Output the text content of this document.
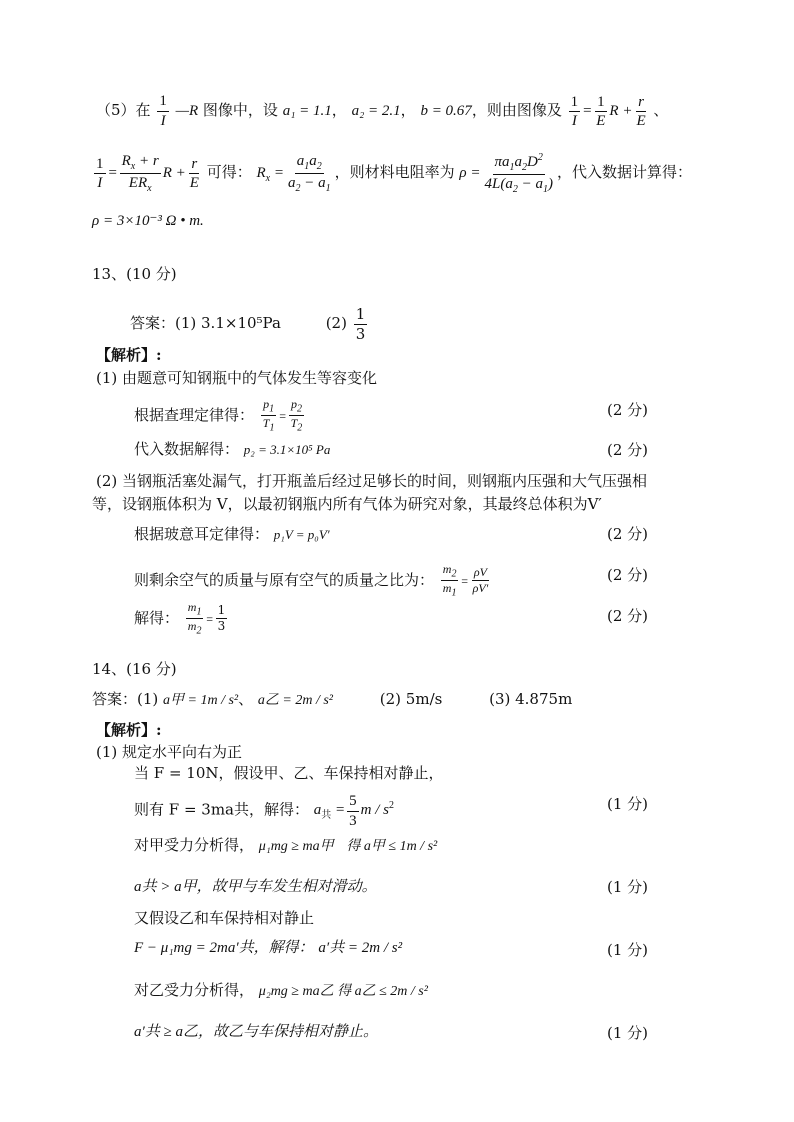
（5）在 $\frac{1}{I}$ —R 图像中，设 a₁ = 1.1， a₂ = 2.1， b = 0.67，则由图像及 $\frac{1}{I} = \frac{1}{E}$ $R + \frac{r}{E}$ 、
$\frac{1}{I} = \frac{R_x + r}{ER_x}$ $R + \frac{r}{E}$ 可得： $R_x = \frac{a_1a_2}{a_2 - a_1}$ ，则材料电阻率为 $\rho = \frac{\pi a_1a_2D^2}{4L(a_2 - a_1)}$ ，代入数据计算得：
ρ = 3×10⁻³ Ω • m.
13、(10 分)
答案：(1) 3.1×10⁵Pa	$(2) \frac{1}{3}$
【解析】:
(1) 由题意可知钢瓶中的气体发生等容变化
根据查理定律得： $\frac{p_1}{T_1} = \frac{p_2}{T_2}$	(2 分)
代入数据解得： p₂ = 3.1×10⁵ Pa	(2 分)
(2) 当钢瓶活塞处漏气，打开瓶盖后经过足够长的时间，则钢瓶内压强和大气压强相
等，设钢瓶体积为 V，以最初钢瓶内所有气体为研究对象，其最终总体积为V′
根据玻意耳定律得： p₁V = p₀V′	(2 分)
则剩余空气的质量与原有空气的质量之比为： $\frac{m_2}{m_1} = \frac{\rho V}{\rho V'}$	(2 分)
解得： $\frac{m_1}{m_2} = \frac{1}{3}$	(2 分)
14、(16 分)
答案：(1) a甲 = 1m / s²、 a乙 = 2m / s²	(2) 5m/s	(3) 4.875m
【解析】:
(1) 规定水平向右为正
当 F = 10N，假设甲、乙、车保持相对静止，
则有 F = 3ma共，解得： $a_共 = \frac{5}{3}$ m / $s^2$	(1 分)
对甲受力分析得， μ₁mg ≥ ma甲 得 a甲 ≤ 1m / s²
a共 > a甲，故甲与车发生相对滑动。	(1 分)
又假设乙和车保持相对静止
F − μ₁mg = 2ma′共，解得： a′共 = 2m / s²	(1 分)
对乙受力分析得， μ₂mg ≥ ma乙 得 a乙 ≤ 2m / s²
a′共 ≥ a乙，故乙与车保持相对静止。	(1 分)
